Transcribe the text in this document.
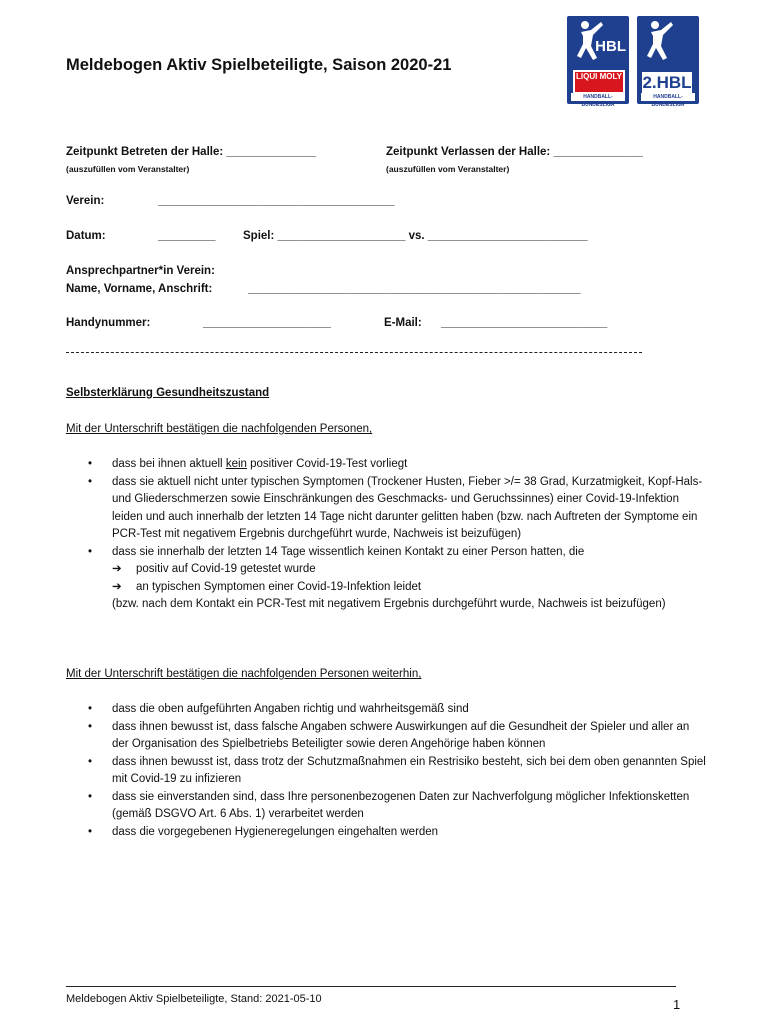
Meldebogen Aktiv Spielbeteiligte, Saison 2020-21
HBL
LIQUI MOLY
HANDBALL-BUNDESLIGA
2.HBL
HANDBALL-BUNDESLIGA
Zeitpunkt Betreten der Halle: ______________	Zeitpunkt Verlassen der Halle: ______________
(auszufüllen vom Veranstalter)	(auszufüllen vom Veranstalter)
Verein:	_____________________________________
Datum:	_________ Spiel: ____________________ vs. _________________________
Ansprechpartner*in Verein:
Name, Vorname, Anschrift:	____________________________________________________
Handynummer:	____________________	E-Mail: __________________________
Selbsterklärung Gesundheitszustand
Mit der Unterschrift bestätigen die nachfolgenden Personen,
• dass bei ihnen aktuell kein positiver Covid-19-Test vorliegt
• dass sie aktuell nicht unter typischen Symptomen (Trockener Husten, Fieber >/= 38 Grad, Kurzatmigkeit, Kopf-Hals- und Gliederschmerzen sowie Einschränkungen des Geschmacks- und Geruchssinnes) einer Covid-19-Infektion leiden und auch innerhalb der letzten 14 Tage nicht darunter gelitten haben (bzw. nach Auftreten der Symptome ein PCR-Test mit negativem Ergebnis durchgeführt wurde, Nachweis ist beizufügen)
• dass sie innerhalb der letzten 14 Tage wissentlich keinen Kontakt zu einer Person hatten, die
➔ positiv auf Covid-19 getestet wurde
➔ an typischen Symptomen einer Covid-19-Infektion leidet
(bzw. nach dem Kontakt ein PCR-Test mit negativem Ergebnis durchgeführt wurde, Nachweis ist beizufügen)
Mit der Unterschrift bestätigen die nachfolgenden Personen weiterhin,
• dass die oben aufgeführten Angaben richtig und wahrheitsgemäß sind
• dass ihnen bewusst ist, dass falsche Angaben schwere Auswirkungen auf die Gesundheit der Spieler und aller an der Organisation des Spielbetriebs Beteiligter sowie deren Angehörige haben können
• dass ihnen bewusst ist, dass trotz der Schutzmaßnahmen ein Restrisiko besteht, sich bei dem oben genannten Spiel mit Covid-19 zu infizieren
• dass sie einverstanden sind, dass Ihre personenbezogenen Daten zur Nachverfolgung möglicher Infektionsketten (gemäß DSGVO Art. 6 Abs. 1) verarbeitet werden
• dass die vorgegebenen Hygieneregelungen eingehalten werden
Meldebogen Aktiv Spielbeteiligte, Stand: 2021-05-10	1
